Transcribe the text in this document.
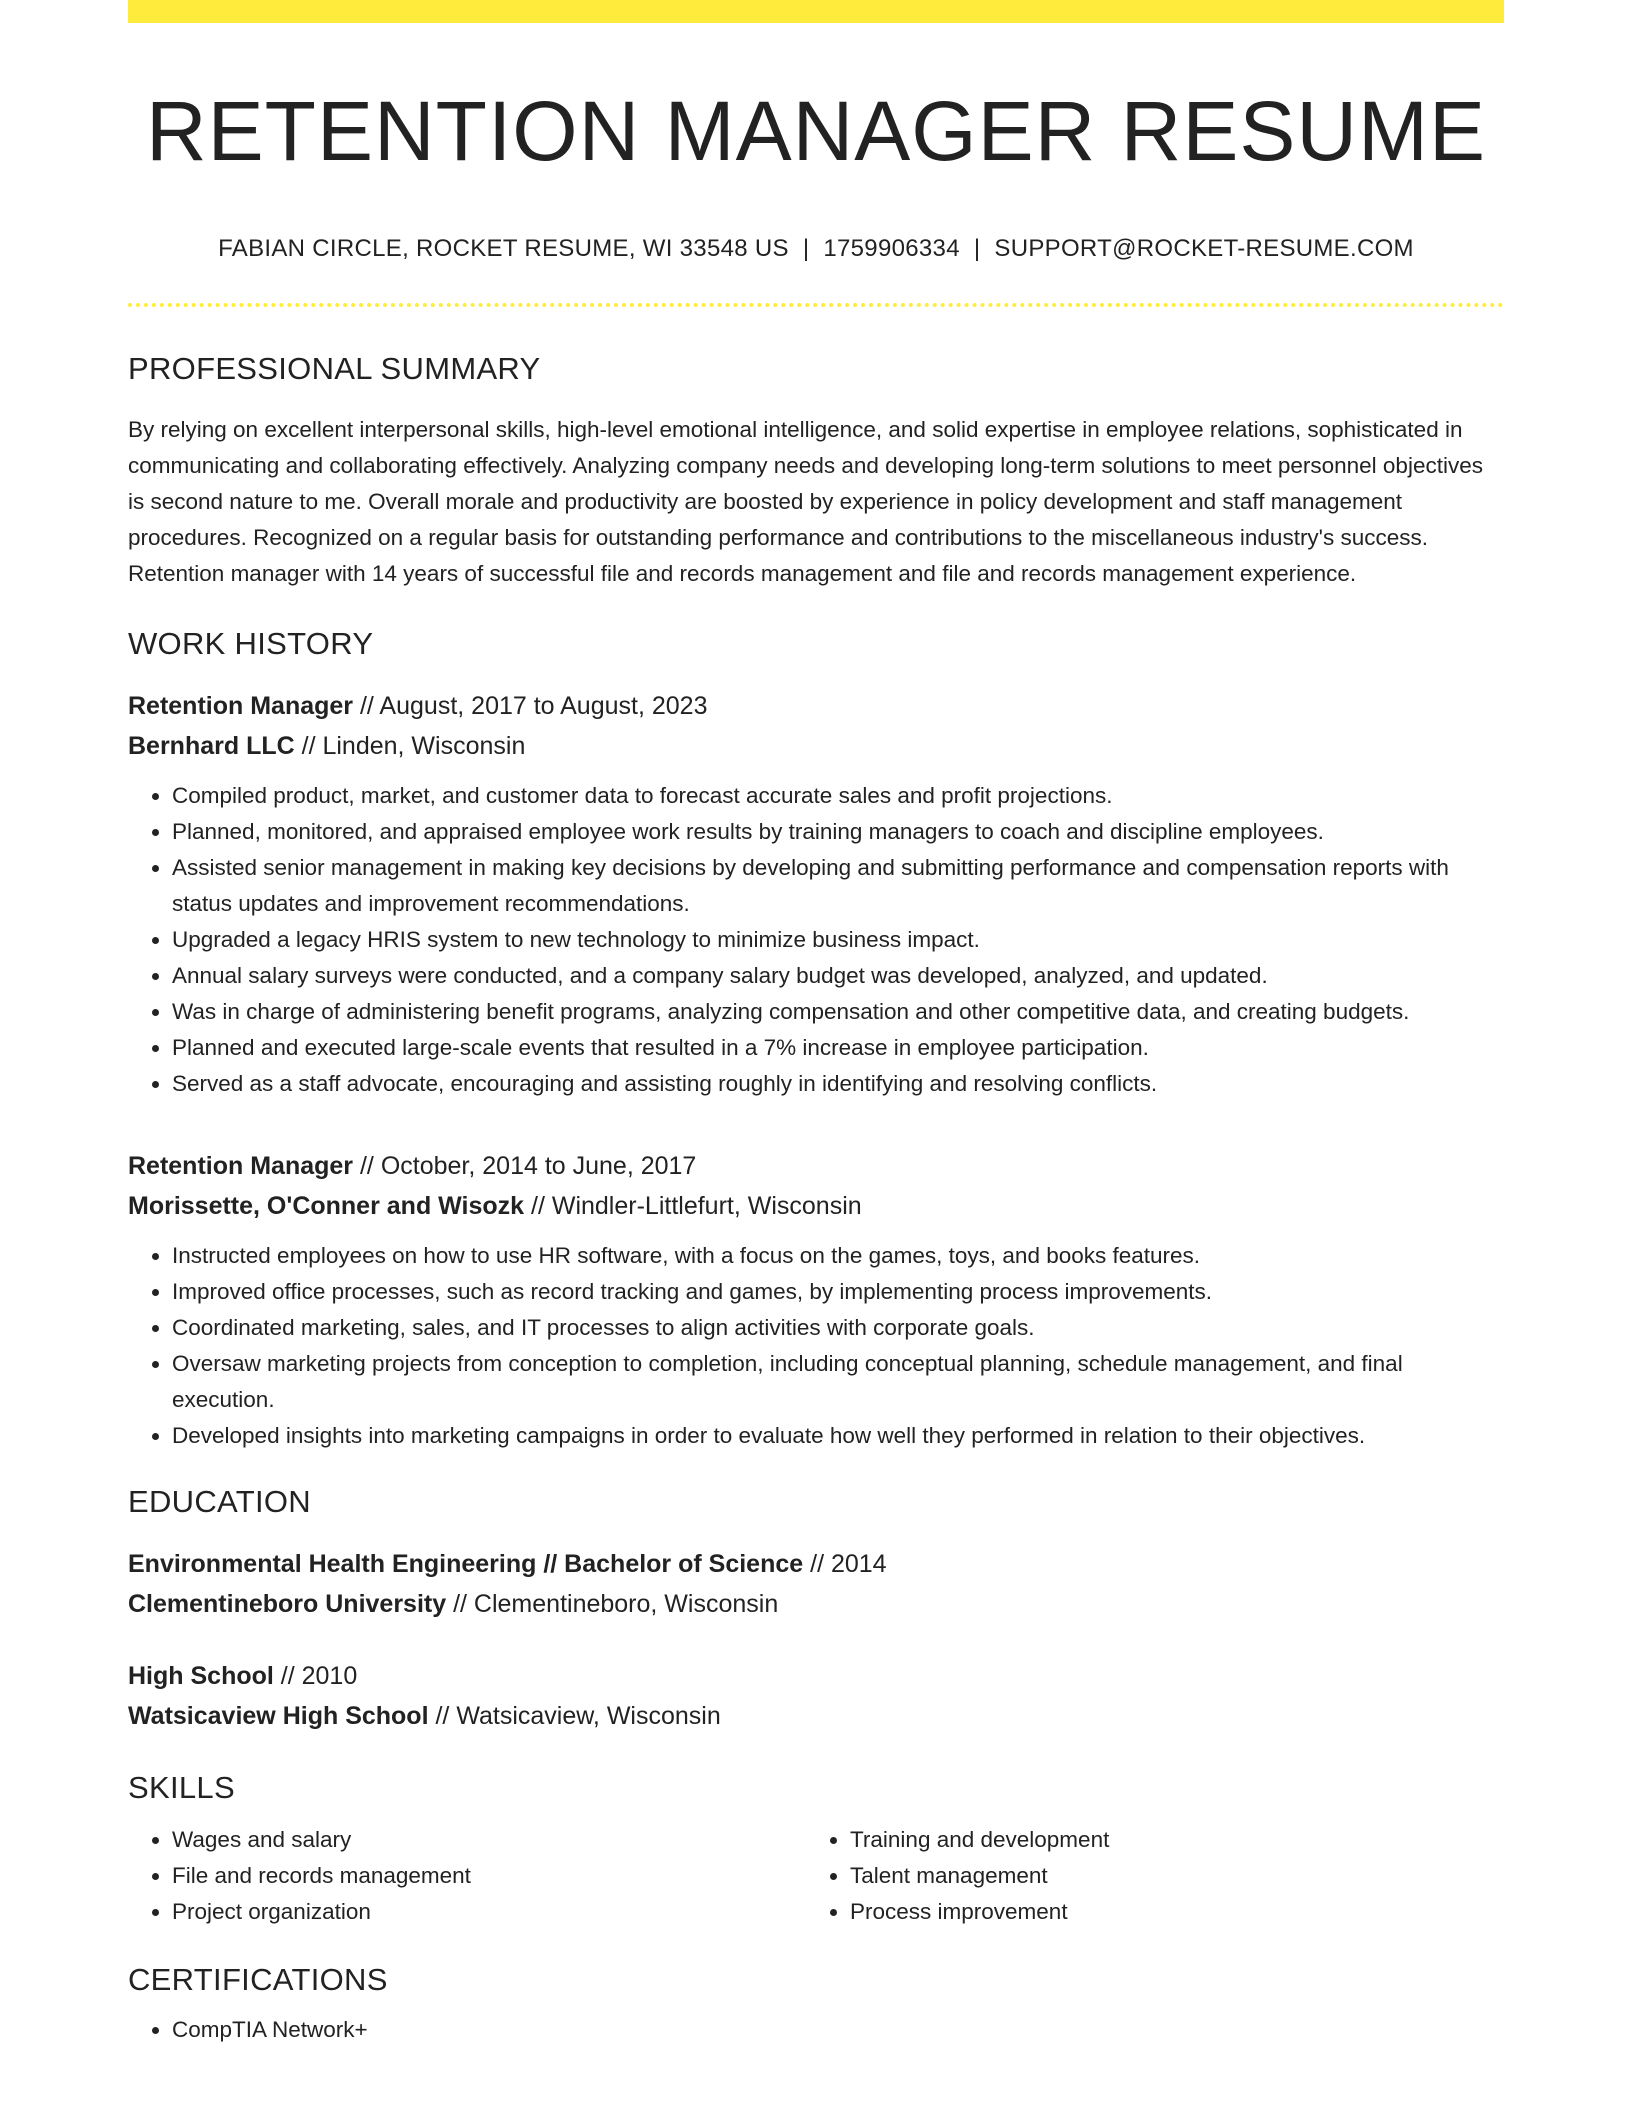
RETENTION MANAGER RESUME
FABIAN CIRCLE, ROCKET RESUME, WI 33548 US | 1759906334 | SUPPORT@ROCKET-RESUME.COM
PROFESSIONAL SUMMARY

By relying on excellent interpersonal skills, high-level emotional intelligence, and solid expertise in employee relations, sophisticated in communicating and collaborating effectively. Analyzing company needs and developing long-term solutions to meet personnel objectives is second nature to me. Overall morale and productivity are boosted by experience in policy development and staff management procedures. Recognized on a regular basis for outstanding performance and contributions to the miscellaneous industry's success. Retention manager with 14 years of successful file and records management and file and records management experience.

WORK HISTORY
Retention Manager // August, 2017 to August, 2023
Bernhard LLC // Linden, Wisconsin
• Compiled product, market, and customer data to forecast accurate sales and profit projections.
• Planned, monitored, and appraised employee work results by training managers to coach and discipline employees.
• Assisted senior management in making key decisions by developing and submitting performance and compensation reports with status updates and improvement recommendations.
• Upgraded a legacy HRIS system to new technology to minimize business impact.
• Annual salary surveys were conducted, and a company salary budget was developed, analyzed, and updated.
• Was in charge of administering benefit programs, analyzing compensation and other competitive data, and creating budgets.
• Planned and executed large-scale events that resulted in a 7% increase in employee participation.
• Served as a staff advocate, encouraging and assisting roughly in identifying and resolving conflicts.
Retention Manager // October, 2014 to June, 2017
Morissette, O'Conner and Wisozk // Windler-Littlefurt, Wisconsin
• Instructed employees on how to use HR software, with a focus on the games, toys, and books features.
• Improved office processes, such as record tracking and games, by implementing process improvements.
• Coordinated marketing, sales, and IT processes to align activities with corporate goals.
• Oversaw marketing projects from conception to completion, including conceptual planning, schedule management, and final execution.
• Developed insights into marketing campaigns in order to evaluate how well they performed in relation to their objectives.
EDUCATION
Environmental Health Engineering // Bachelor of Science // 2014
Clementineboro University // Clementineboro, Wisconsin
High School // 2010
Watsicaview High School // Watsicaview, Wisconsin
SKILLS
• Wages and salary
• File and records management
• Project organization
• Training and development
• Talent management
• Process improvement
CERTIFICATIONS
• CompTIA Network+
